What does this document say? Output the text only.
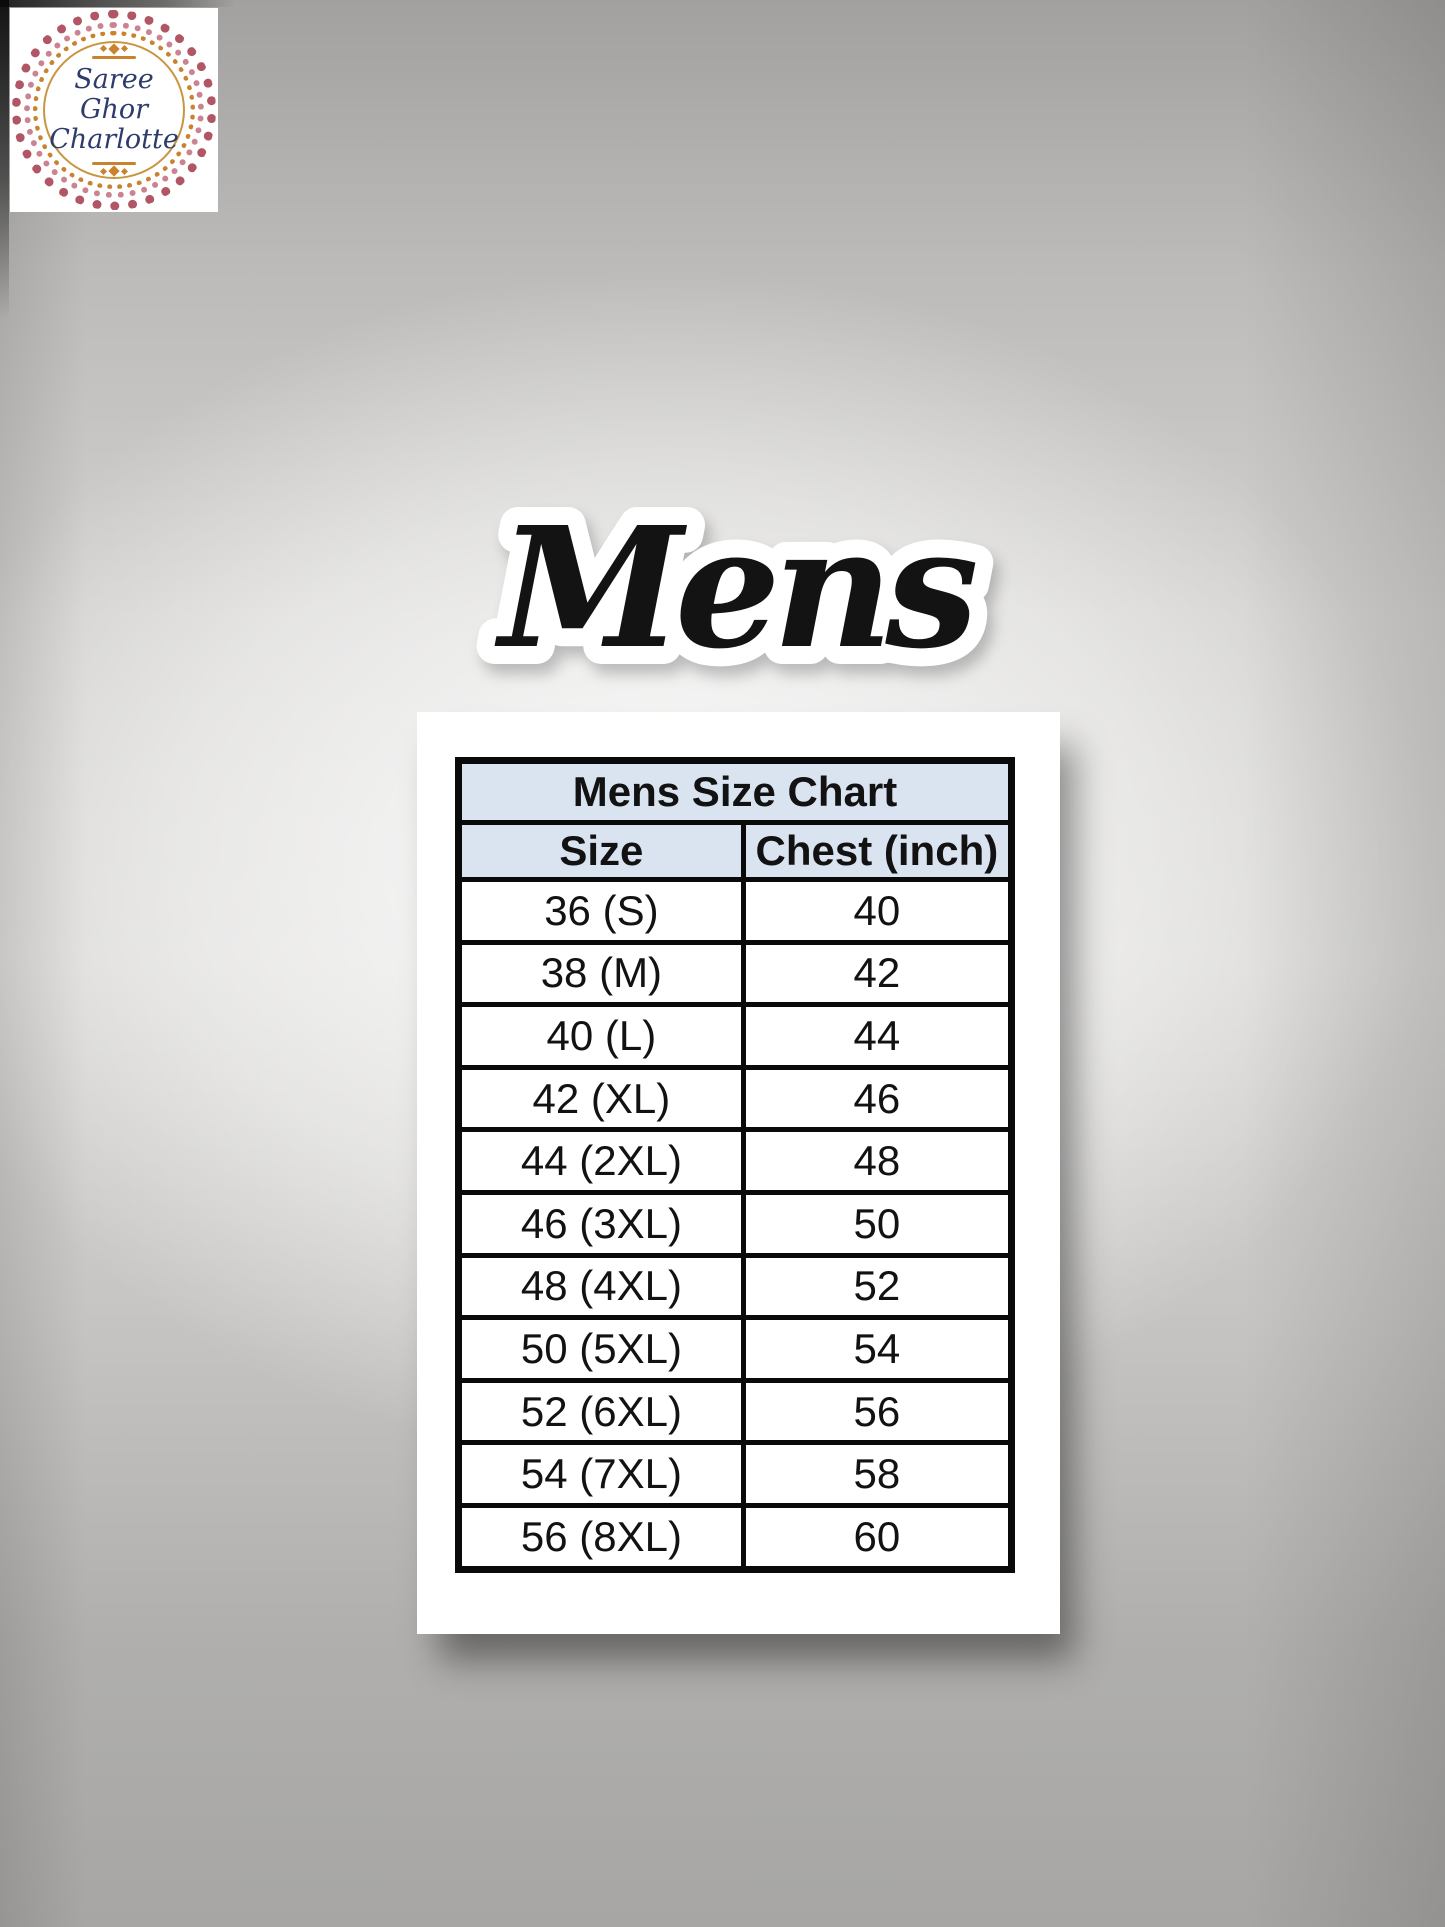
Saree Ghor
Charlotte
Mens
Mens Size Chart	
Size	Chest (inch)
36 (S)	40
38 (M)	42
40 (L)	44
42 (XL)	46
44 (2XL)	48
46 (3XL)	50
48 (4XL)	52
50 (5XL)	54
52 (6XL)	56
54 (7XL)	58
56 (8XL)	60
